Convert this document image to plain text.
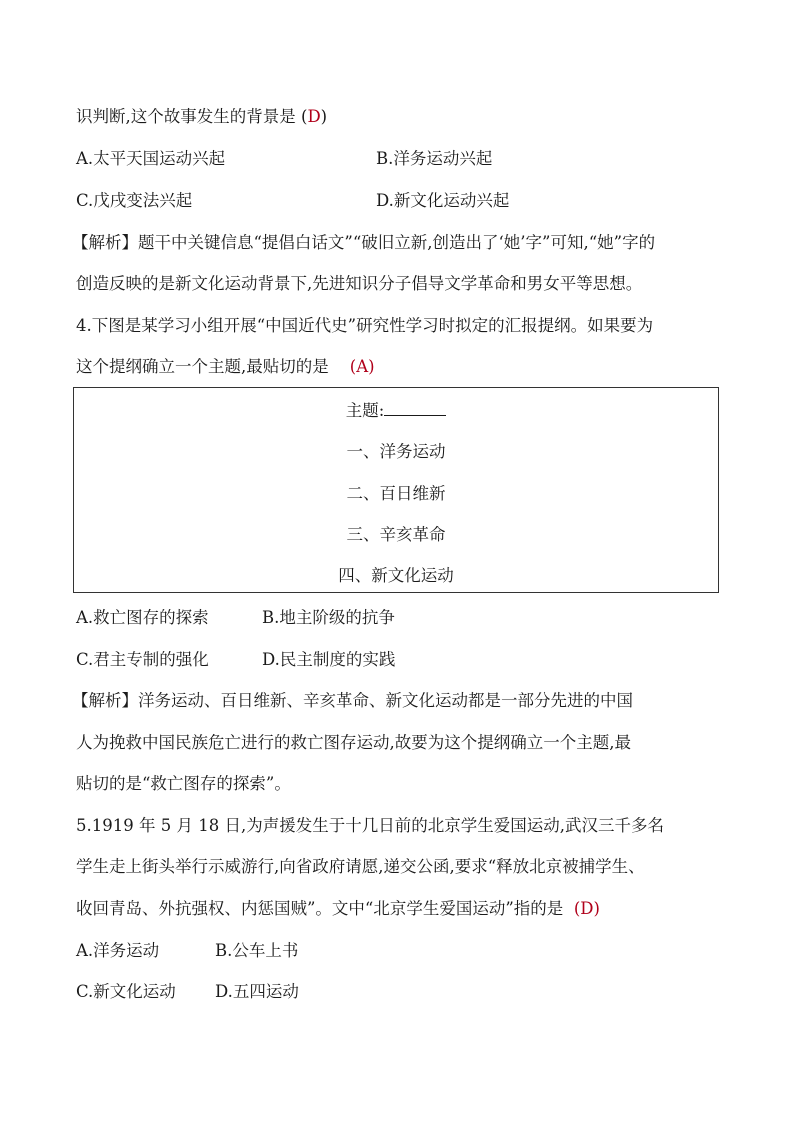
识判断,这个故事发生的背景是 (D)
A.太平天国运动兴起	B.洋务运动兴起
C.戊戌变法兴起	D.新文化运动兴起
【解析】题干中关键信息“提倡白话文”“破旧立新,创造出了‘她’字”可知,“她”字的
创造反映的是新文化运动背景下,先进知识分子倡导文学革命和男女平等思想。
4.下图是某学习小组开展“中国近代史”研究性学习时拟定的汇报提纲。如果要为
这个提纲确立一个主题,最贴切的是    (A)
主题:
一、洋务运动
二、百日维新
三、辛亥革命
四、新文化运动
A.救亡图存的探索	B.地主阶级的抗争
C.君主专制的强化	D.民主制度的实践
【解析】洋务运动、百日维新、辛亥革命、新文化运动都是一部分先进的中国
人为挽救中国民族危亡进行的救亡图存运动,故要为这个提纲确立一个主题,最
贴切的是“救亡图存的探索”。
5.1919 年 5 月 18 日,为声援发生于十几日前的北京学生爱国运动,武汉三千多名
学生走上街头举行示威游行,向省政府请愿,递交公函,要求“释放北京被捕学生、
收回青岛、外抗强权、内惩国贼”。文中“北京学生爱国运动”指的是  (D)
A.洋务运动	B.公车上书
C.新文化运动 D.五四运动
